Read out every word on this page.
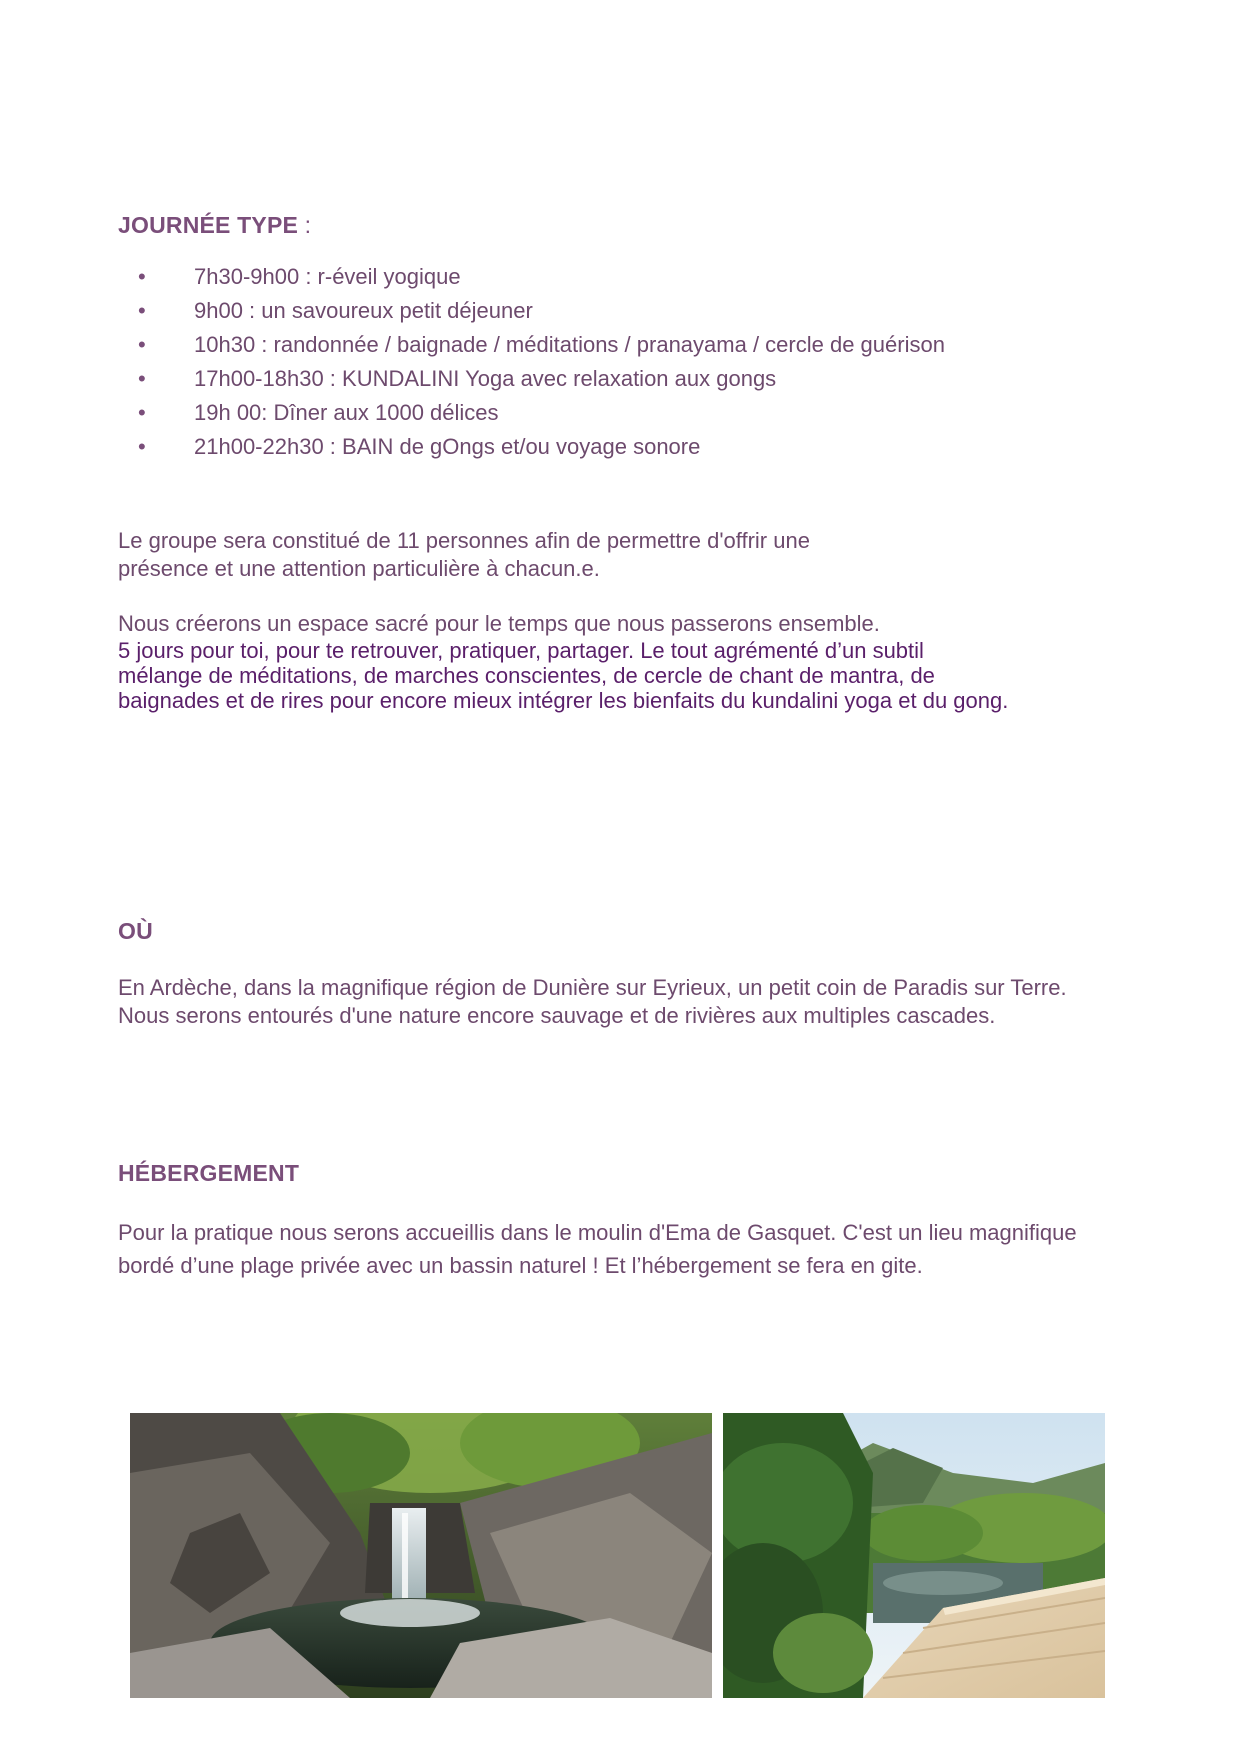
JOURNÉE TYPE :
• 7h30-9h00 : r-éveil yogique
• 9h00 : un savoureux petit déjeuner
• 10h30 : randonnée / baignade / méditations / pranayama / cercle de guérison
• 17h00-18h30 : KUNDALINI Yoga avec relaxation aux gongs
• 19h 00: Dîner aux 1000 délices
• 21h00-22h30 : BAIN de gOngs et/ou voyage sonore

Le groupe sera constitué de 11 personnes afin de permettre d'offrir une
présence et une attention particulière à chacun.e.

Nous créerons un espace sacré pour le temps que nous passerons ensemble.

5 jours pour toi, pour te retrouver, pratiquer, partager. Le tout agrémenté d’un subtil
mélange de méditations, de marches conscientes, de cercle de chant de mantra, de
baignades et de rires pour encore mieux intégrer les bienfaits du kundalini yoga et du gong.

OÙ

En Ardèche, dans la magnifique région de Dunière sur Eyrieux, un petit coin de Paradis sur Terre.
Nous serons entourés d'une nature encore sauvage et de rivières aux multiples cascades.

HÉBERGEMENT

Pour la pratique nous serons accueillis dans le moulin d'Ema de Gasquet. C'est un lieu magnifique
bordé d’une plage privée avec un bassin naturel ! Et l’hébergement se fera en gite.
